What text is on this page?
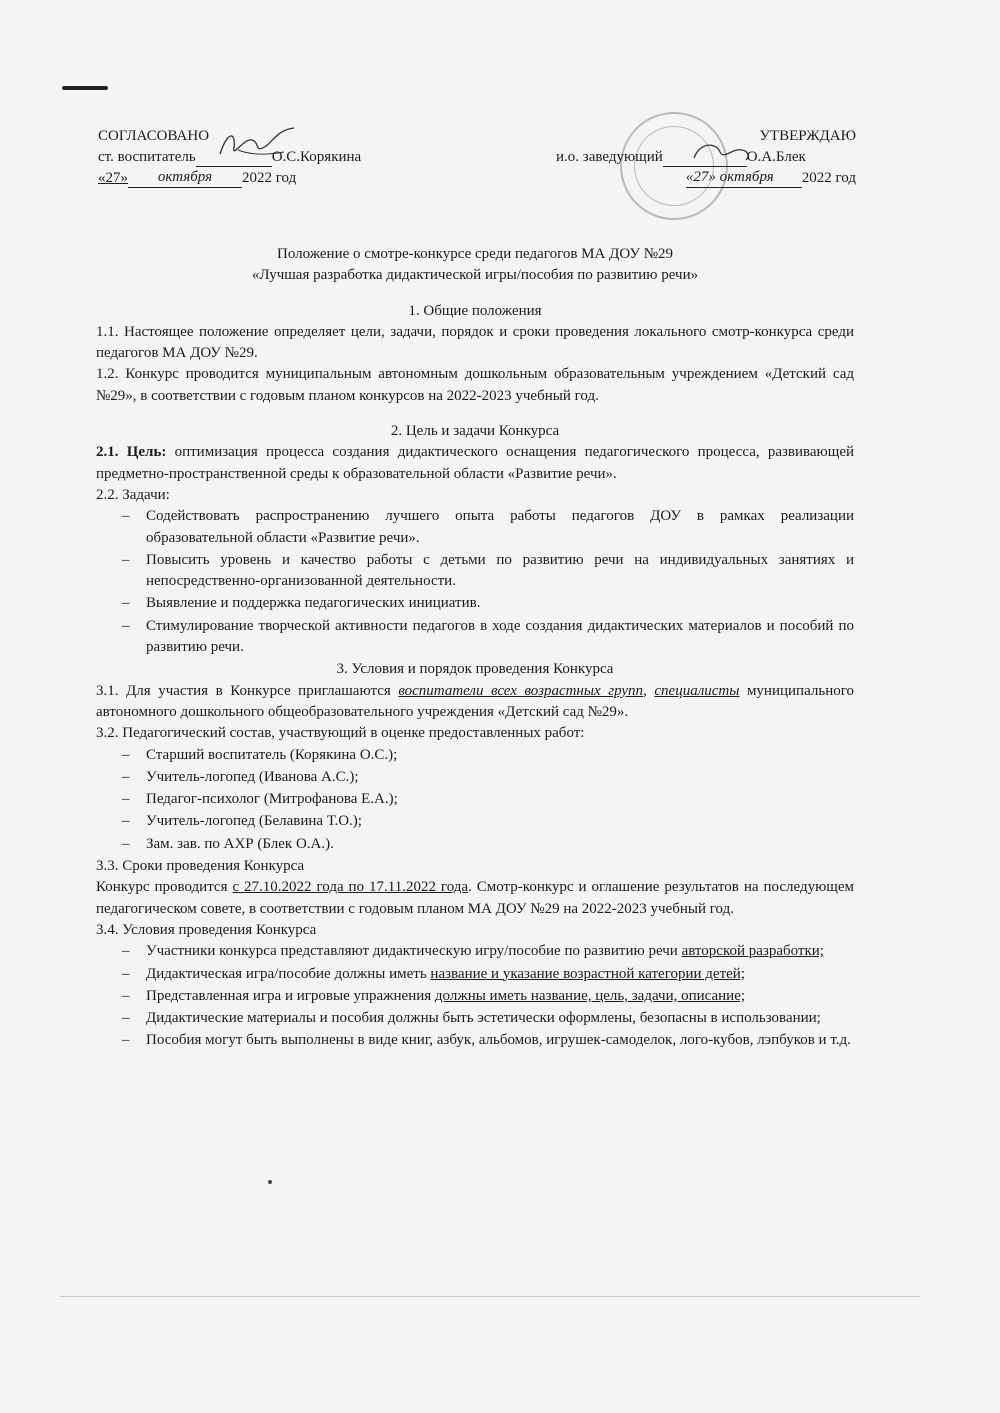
СОГЛАСОВАНО
ст. воспитатель	О.С.Корякина
«27» октября 2022 год
УТВЕРЖДАЮ
и.о. заведующий	О.А.Блек
«27» октября 2022 год

Положение о смотре-конкурсе среди педагогов МА ДОУ №29

«Лучшая разработка дидактической игры/пособия по развитию речи»

1. Общие положения

1.1. Настоящее положение определяет цели, задачи, порядок и сроки проведения локального смотр-конкурса среди педагогов МА ДОУ №29.

1.2. Конкурс проводится муниципальным автономным дошкольным образовательным учреждением «Детский сад №29», в соответствии с годовым планом конкурсов на 2022-2023 учебный год.

2. Цель и задачи Конкурса

2.1. Цель: оптимизация процесса создания дидактического оснащения педагогического процесса, развивающей предметно-пространственной среды к образовательной области «Развитие речи».

2.2. Задачи:

– Содействовать распространению лучшего опыта работы педагогов ДОУ в рамках реализации образовательной области «Развитие речи».
– Повысить уровень и качество работы с детьми по развитию речи на индивидуальных занятиях и непосредственно-организованной деятельности.
– Выявление и поддержка педагогических инициатив.
– Стимулирование творческой активности педагогов в ходе создания дидактических материалов и пособий по развитию речи.

3. Условия и порядок проведения Конкурса

3.1. Для участия в Конкурсе приглашаются воспитатели всех возрастных групп, специалисты муниципального автономного дошкольного общеобразовательного учреждения «Детский сад №29».

3.2. Педагогический состав, участвующий в оценке предоставленных работ:

– Старший воспитатель (Корякина О.С.);
– Учитель-логопед (Иванова А.С.);
– Педагог-психолог (Митрофанова Е.А.);
– Учитель-логопед (Белавина Т.О.);
– Зам. зав. по АХР (Блек О.А.).

3.3. Сроки проведения Конкурса

Конкурс проводится с 27.10.2022 года по 17.11.2022 года. Смотр-конкурс и оглашение результатов на последующем педагогическом совете, в соответствии с годовым планом МА ДОУ №29 на 2022-2023 учебный год.

3.4. Условия проведения Конкурса

– Участники конкурса представляют дидактическую игру/пособие по развитию речи авторской разработки;
– Дидактическая игра/пособие должны иметь название и указание возрастной категории детей;
– Представленная игра и игровые упражнения должны иметь название, цель, задачи, описание;
– Дидактические материалы и пособия должны быть эстетически оформлены, безопасны в использовании;
– Пособия могут быть выполнены в виде книг, азбук, альбомов, игрушек-самоделок, лого-кубов, лэпбуков и т.д.
